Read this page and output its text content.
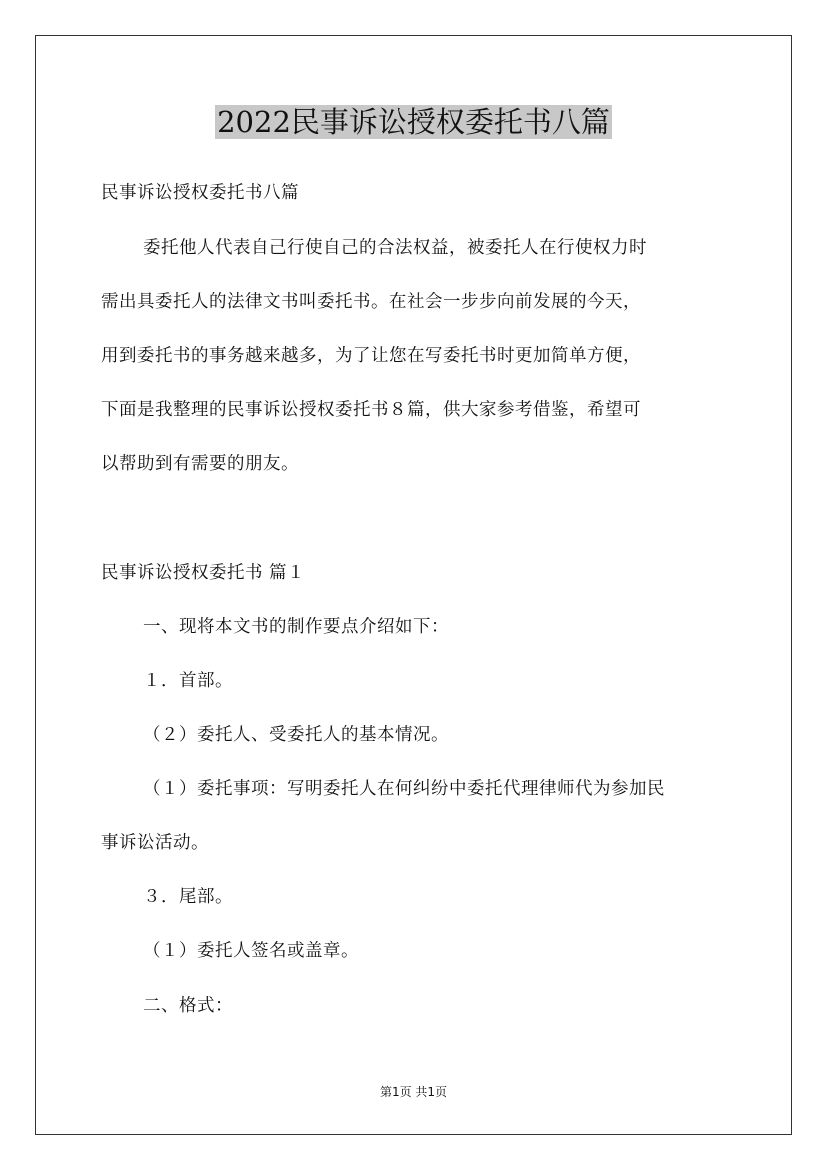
2022民事诉讼授权委托书八篇
民事诉讼授权委托书八篇
委托他人代表自己行使自己的合法权益，被委托人在行使权力时
需出具委托人的法律文书叫委托书。在社会一步步向前发展的今天，
用到委托书的事务越来越多，为了让您在写委托书时更加简单方便，
下面是我整理的民事诉讼授权委托书８篇，供大家参考借鉴，希望可
以帮助到有需要的朋友。
民事诉讼授权委托书 篇１
一、现将本文书的制作要点介绍如下：
１．首部。
（２）委托人、受委托人的基本情况。
（１）委托事项：写明委托人在何纠纷中委托代理律师代为参加民
事诉讼活动。
３．尾部。
（１）委托人签名或盖章。
二、格式：
第1页 共1页
